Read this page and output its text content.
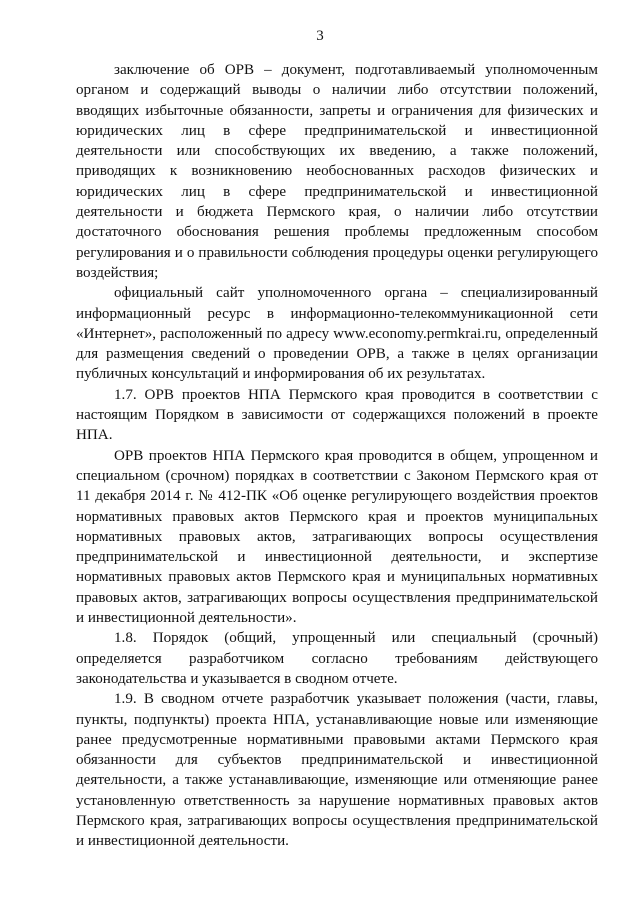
3

заключение об ОРВ – документ, подготавливаемый уполномоченным органом и содержащий выводы о наличии либо отсутствии положений, вводящих избыточные обязанности, запреты и ограничения для физических и юридических лиц в сфере предпринимательской и инвестиционной деятельности или способствующих их введению, а также положений, приводящих к возникновению необоснованных расходов физических и юридических лиц в сфере предпринимательской и инвестиционной деятельности и бюджета Пермского края, о наличии либо отсутствии достаточного обоснования решения проблемы предложенным способом регулирования и о правильности соблюдения процедуры оценки регулирующего воздействия;

официальный сайт уполномоченного органа – специализированный информационный ресурс в информационно-телекоммуникационной сети «Интернет», расположенный по адресу www.economy.permkrai.ru, определенный для размещения сведений о проведении ОРВ, а также в целях организации публичных консультаций и информирования об их результатах.

1.7. ОРВ проектов НПА Пермского края проводится в соответствии с настоящим Порядком в зависимости от содержащихся положений в проекте НПА.

ОРВ проектов НПА Пермского края проводится в общем, упрощенном и специальном (срочном) порядках в соответствии с Законом Пермского края от 11 декабря 2014 г. № 412-ПК «Об оценке регулирующего воздействия проектов нормативных правовых актов Пермского края и проектов муниципальных нормативных правовых актов, затрагивающих вопросы осуществления предпринимательской и инвестиционной деятельности, и экспертизе нормативных правовых актов Пермского края и муниципальных нормативных правовых актов, затрагивающих вопросы осуществления предпринимательской и инвестиционной деятельности».

1.8. Порядок (общий, упрощенный или специальный (срочный) определяется разработчиком согласно требованиям действующего законодательства и указывается в сводном отчете.

1.9. В сводном отчете разработчик указывает положения (части, главы, пункты, подпункты) проекта НПА, устанавливающие новые или изменяющие ранее предусмотренные нормативными правовыми актами Пермского края обязанности для субъектов предпринимательской и инвестиционной деятельности, а также устанавливающие, изменяющие или отменяющие ранее установленную ответственность за нарушение нормативных правовых актов Пермского края, затрагивающих вопросы осуществления предпринимательской и инвестиционной деятельности.
